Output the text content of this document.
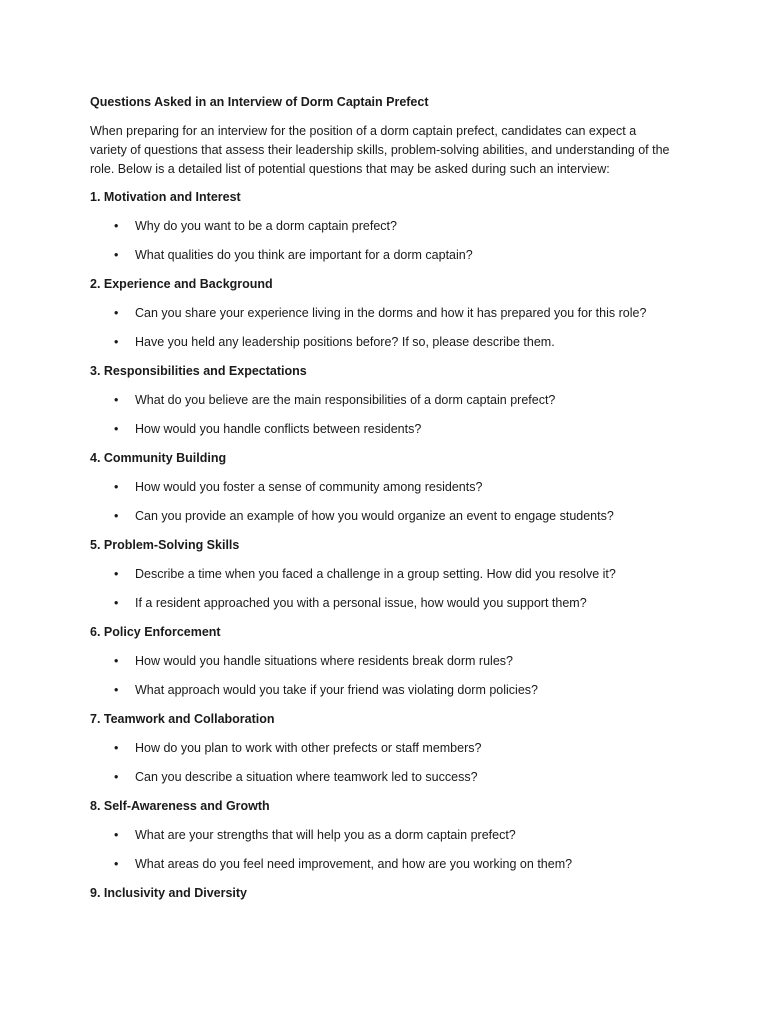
Questions Asked in an Interview of Dorm Captain Prefect
When preparing for an interview for the position of a dorm captain prefect, candidates can expect a variety of questions that assess their leadership skills, problem-solving abilities, and understanding of the role. Below is a detailed list of potential questions that may be asked during such an interview:
1. Motivation and Interest
• Why do you want to be a dorm captain prefect?
• What qualities do you think are important for a dorm captain?
2. Experience and Background
• Can you share your experience living in the dorms and how it has prepared you for this role?
• Have you held any leadership positions before? If so, please describe them.
3. Responsibilities and Expectations
• What do you believe are the main responsibilities of a dorm captain prefect?
• How would you handle conflicts between residents?
4. Community Building
• How would you foster a sense of community among residents?
• Can you provide an example of how you would organize an event to engage students?
5. Problem-Solving Skills
• Describe a time when you faced a challenge in a group setting. How did you resolve it?
• If a resident approached you with a personal issue, how would you support them?
6. Policy Enforcement
• How would you handle situations where residents break dorm rules?
• What approach would you take if your friend was violating dorm policies?
7. Teamwork and Collaboration
• How do you plan to work with other prefects or staff members?
• Can you describe a situation where teamwork led to success?
8. Self-Awareness and Growth
• What are your strengths that will help you as a dorm captain prefect?
• What areas do you feel need improvement, and how are you working on them?
9. Inclusivity and Diversity
